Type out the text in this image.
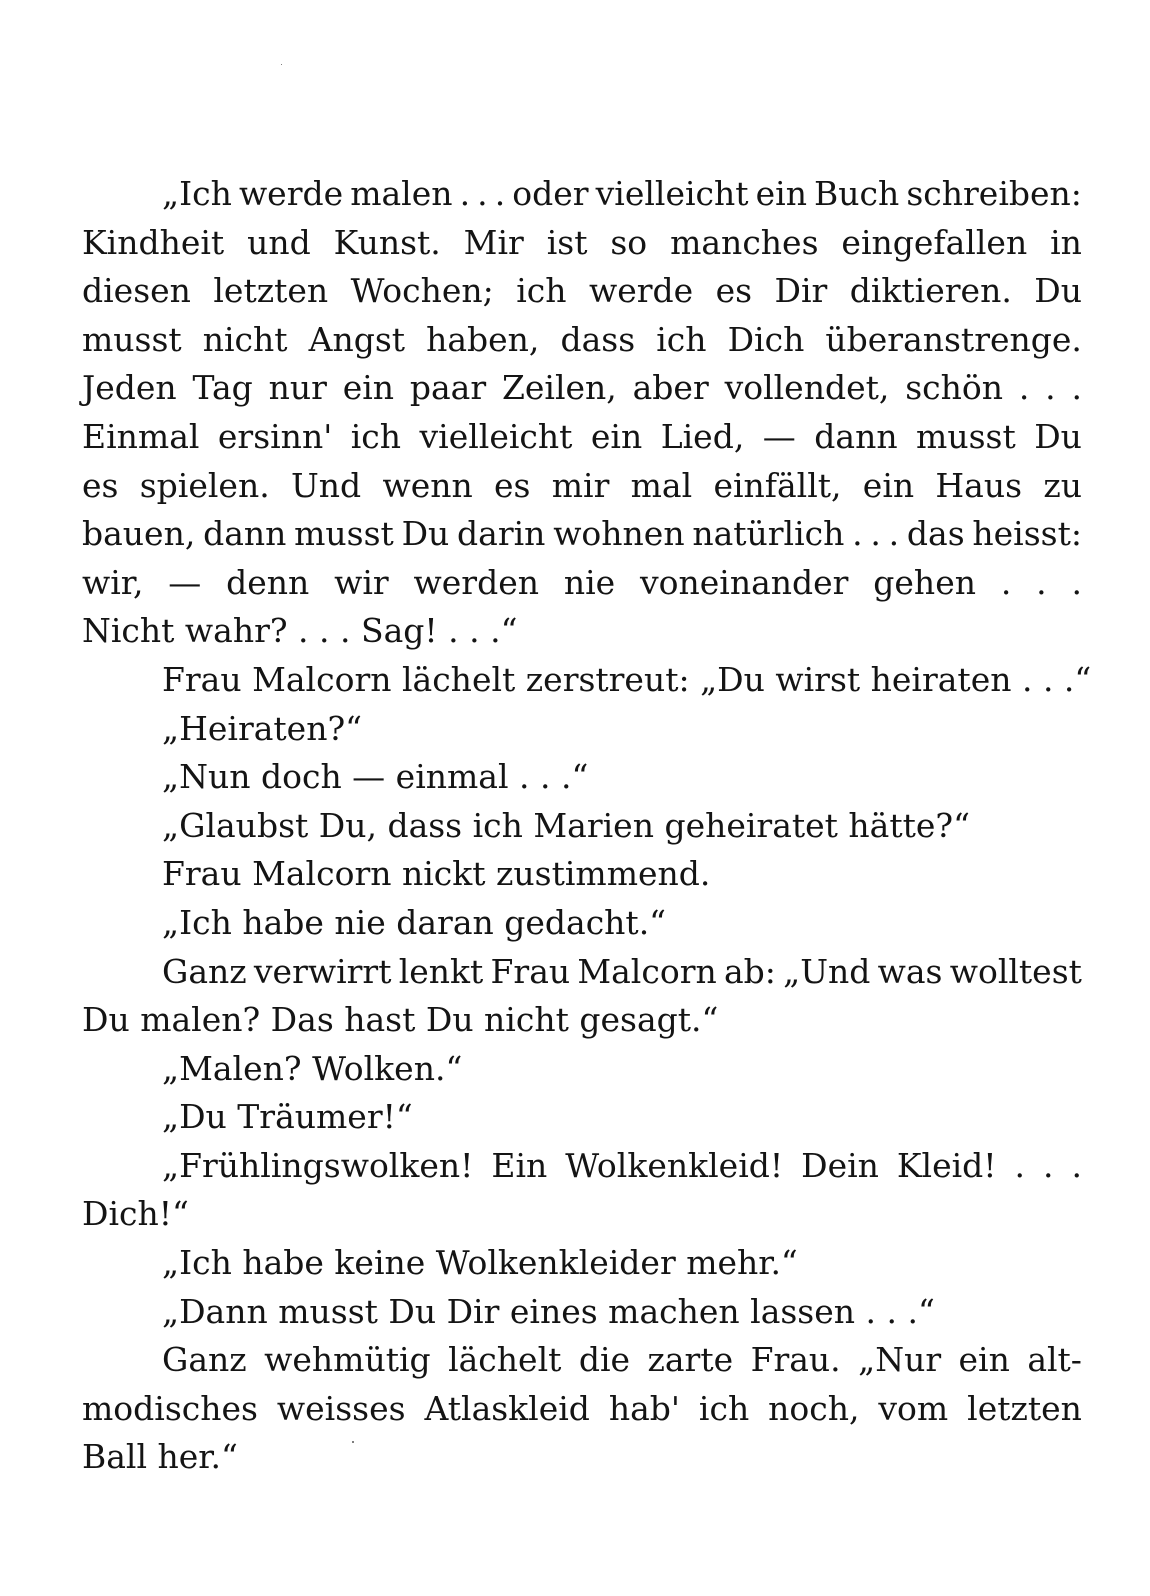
„Ich werde malen . . . oder vielleicht ein Buch schreiben:
Kindheit und Kunst. Mir ist so manches eingefallen in
diesen letzten Wochen; ich werde es Dir diktieren. Du
musst nicht Angst haben, dass ich Dich überanstrenge.
Jeden Tag nur ein paar Zeilen, aber vollendet, schön . . .
Einmal ersinn' ich vielleicht ein Lied, — dann musst Du
es spielen. Und wenn es mir mal einfällt, ein Haus zu
bauen, dann musst Du darin wohnen natürlich . . . das heisst:
wir, — denn wir werden nie voneinander gehen . . .
Nicht wahr? . . . Sag! . . .“
Frau Malcorn lächelt zerstreut: „Du wirst heiraten . . .“
„Heiraten?“
„Nun doch — einmal . . .“
„Glaubst Du, dass ich Marien geheiratet hätte?“
Frau Malcorn nickt zustimmend.
„Ich habe nie daran gedacht.“
Ganz verwirrt lenkt Frau Malcorn ab: „Und was wolltest
Du malen? Das hast Du nicht gesagt.“
„Malen? Wolken.“
„Du Träumer!“
„Frühlingswolken! Ein Wolkenkleid! Dein Kleid! . . .
Dich!“
„Ich habe keine Wolkenkleider mehr.“
„Dann musst Du Dir eines machen lassen . . .“
Ganz wehmütig lächelt die zarte Frau. „Nur ein alt-
modisches weisses Atlaskleid hab' ich noch, vom letzten
Ball her.“
